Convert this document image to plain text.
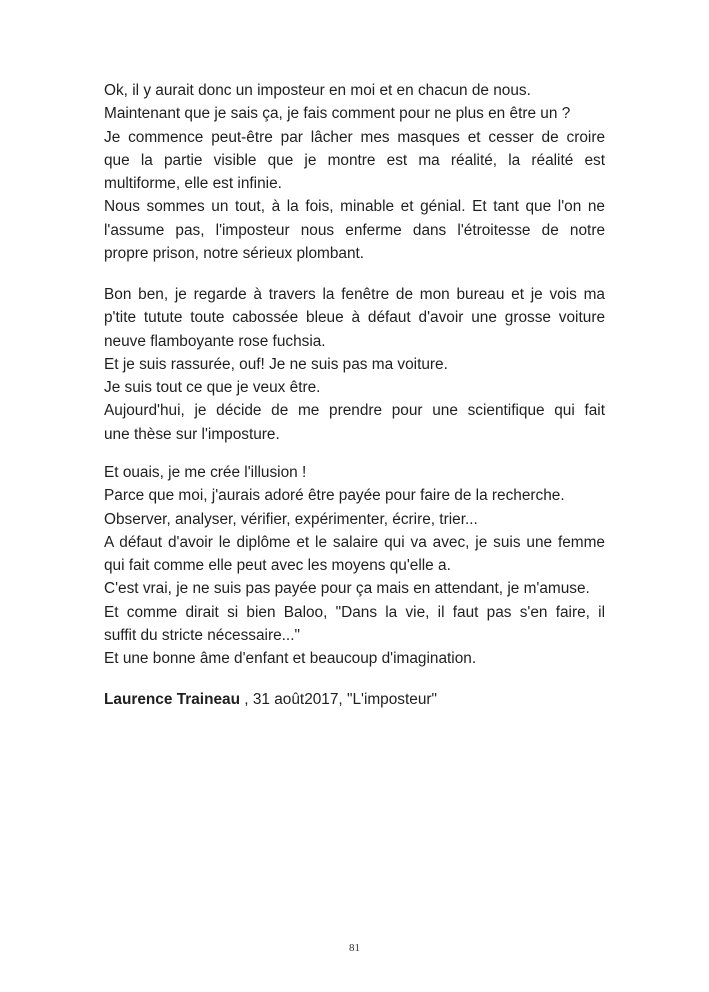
Ok, il y aurait donc un imposteur en moi et en chacun de nous.
Maintenant que je sais ça, je fais comment pour ne plus en être un ?
Je commence peut-être par lâcher mes masques et cesser de croire
que la partie visible que je montre est ma réalité, la réalité est
multiforme, elle est infinie.
Nous sommes un tout, à la fois, minable et génial. Et tant que l'on ne
l'assume pas, l'imposteur nous enferme dans l'étroitesse de notre
propre prison, notre sérieux plombant.
Bon ben, je regarde à travers la fenêtre de mon bureau et je vois ma
p'tite tutute toute cabossée bleue à défaut d'avoir une grosse voiture
neuve flamboyante rose fuchsia.
Et je suis rassurée, ouf! Je ne suis pas ma voiture.
Je suis tout ce que je veux être.
Aujourd'hui, je décide de me prendre pour une scientifique qui fait
une thèse sur l'imposture.
Et ouais, je me crée l'illusion !
Parce que moi, j'aurais adoré être payée pour faire de la recherche.
Observer, analyser, vérifier, expérimenter, écrire, trier...
A défaut d'avoir le diplôme et le salaire qui va avec, je suis une femme
qui fait comme elle peut avec les moyens qu'elle a.
C'est vrai, je ne suis pas payée pour ça mais en attendant, je m'amuse.
Et comme dirait si bien Baloo, "Dans la vie, il faut pas s'en faire, il
suffit du stricte nécessaire..."
Et une bonne âme d'enfant et beaucoup d'imagination.
Laurence Traineau , 31 août2017, "L'imposteur"
81
